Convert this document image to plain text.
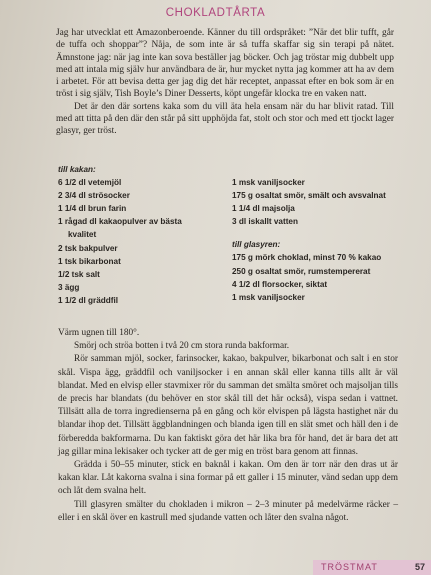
CHOKLADTÅRTA

Jag har utvecklat ett Amazonberoende. Känner du till ordspråket: ”När det blir tufft, går de tuffa och shoppar”? Nåja, de som inte är så tuffa skaffar sig sin terapi på nätet. Ämnstone jag: när jag inte kan sova beställer jag böcker. Och jag tröstar mig dubbelt upp med att intala mig själv hur användbara de är, hur mycket nytta jag kommer att ha av dem i arbetet. För att bevisa detta ger jag dig det här receptet, anpassat efter en bok som är en tröst i sig själv, Tish Boyle’s Diner Desserts, köpt ungefär klocka tre en vaken natt.

Det är den där sortens kaka som du vill äta hela ensam när du har blivit ratad. Till med att titta på den där den står på sitt upphöjda fat, stolt och stor och med ett tjockt lager glasyr, ger tröst.

till kakan:
6 1/2 dl vetemjöl
2 3/4 dl strösocker
1 1/4 dl brun farin
1 rågad dl kakaopulver av bästa
kvalitet
2 tsk bakpulver
1 tsk bikarbonat
1/2 tsk salt
3 ägg
1 1/2 dl gräddfil
1 msk vaniljsocker
175 g osaltat smör, smält och avsvalnat
1 1/4 dl majsolja
3 dl iskallt vatten
till glasyren:
175 g mörk choklad, minst 70 % kakao
250 g osaltat smör, rumstempererat
4 1/2 dl florsocker, siktat
1 msk vaniljsocker

Värm ugnen till 180°.

Smörj och ströa botten i två 20 cm stora runda bakformar.

Rör samman mjöl, socker, farinsocker, kakao, bakpulver, bikarbonat och salt i en stor skål. Vispa ägg, gräddfil och vaniljsocker i en annan skål eller kanna tills allt är väl blandat. Med en elvisp eller stavmixer rör du samman det smälta smöret och majsoljan tills de precis har blandats (du behöver en stor skål till det här också), vispa sedan i vattnet. Tillsätt alla de torra ingredienserna på en gång och kör elvispen på lägsta hastighet när du blandar ihop det. Tillsätt äggblandningen och blanda igen till en slät smet och häll den i de förberedda bakformarna. Du kan faktiskt göra det här lika bra för hand, det är bara det att jag gillar mina lekisaker och tycker att de ger mig en tröst bara genom att finnas.

Grädda i 50–55 minuter, stick en baknål i kakan. Om den är torr när den dras ut är kakan klar. Låt kakorna svalna i sina formar på ett galler i 15 minuter, vänd sedan upp dem och låt dem svalna helt.

Till glasyren smälter du chokladen i mikron – 2–3 minuter på medelvärme räcker – eller i en skål över en kastrull med sjudande vatten och låter den svalna något.

TRÖSTMAT	57
